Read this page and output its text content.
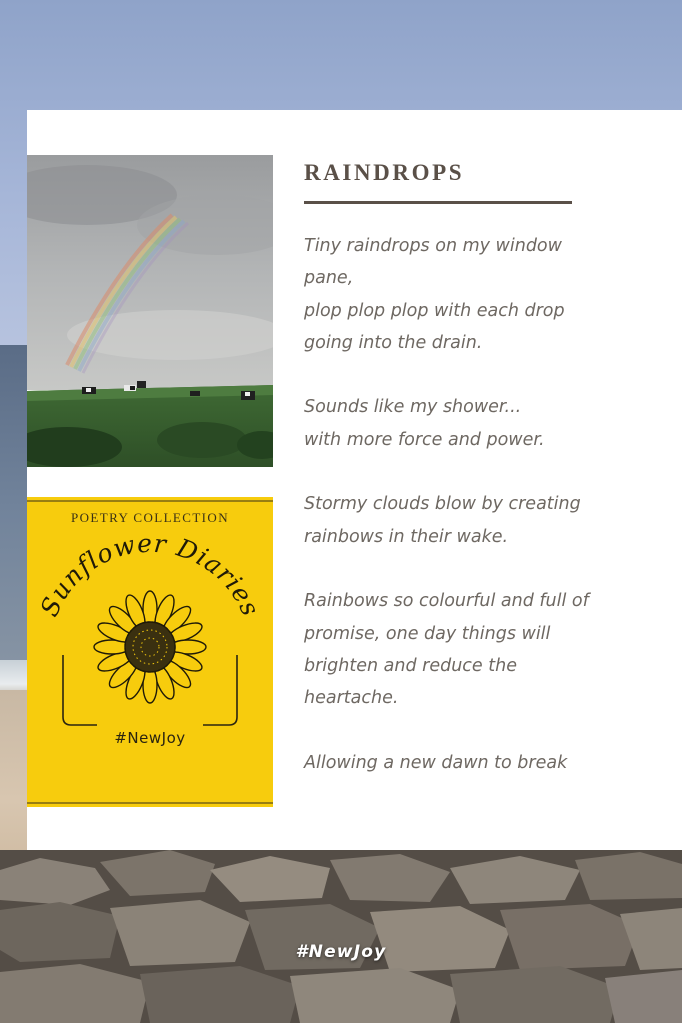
Sunflower Diaries
POETRY COLLECTION
#NewJoy
RAINDROPS
Tiny raindrops on my window
pane,
plop plop plop with each drop
going into the drain.
Sounds like my shower...
with more force and power.
Stormy clouds blow by creating
rainbows in their wake.
Rainbows so colourful and full of
promise, one day things will
brighten and reduce the
heartache.
Allowing a new dawn to break
#NewJoy
